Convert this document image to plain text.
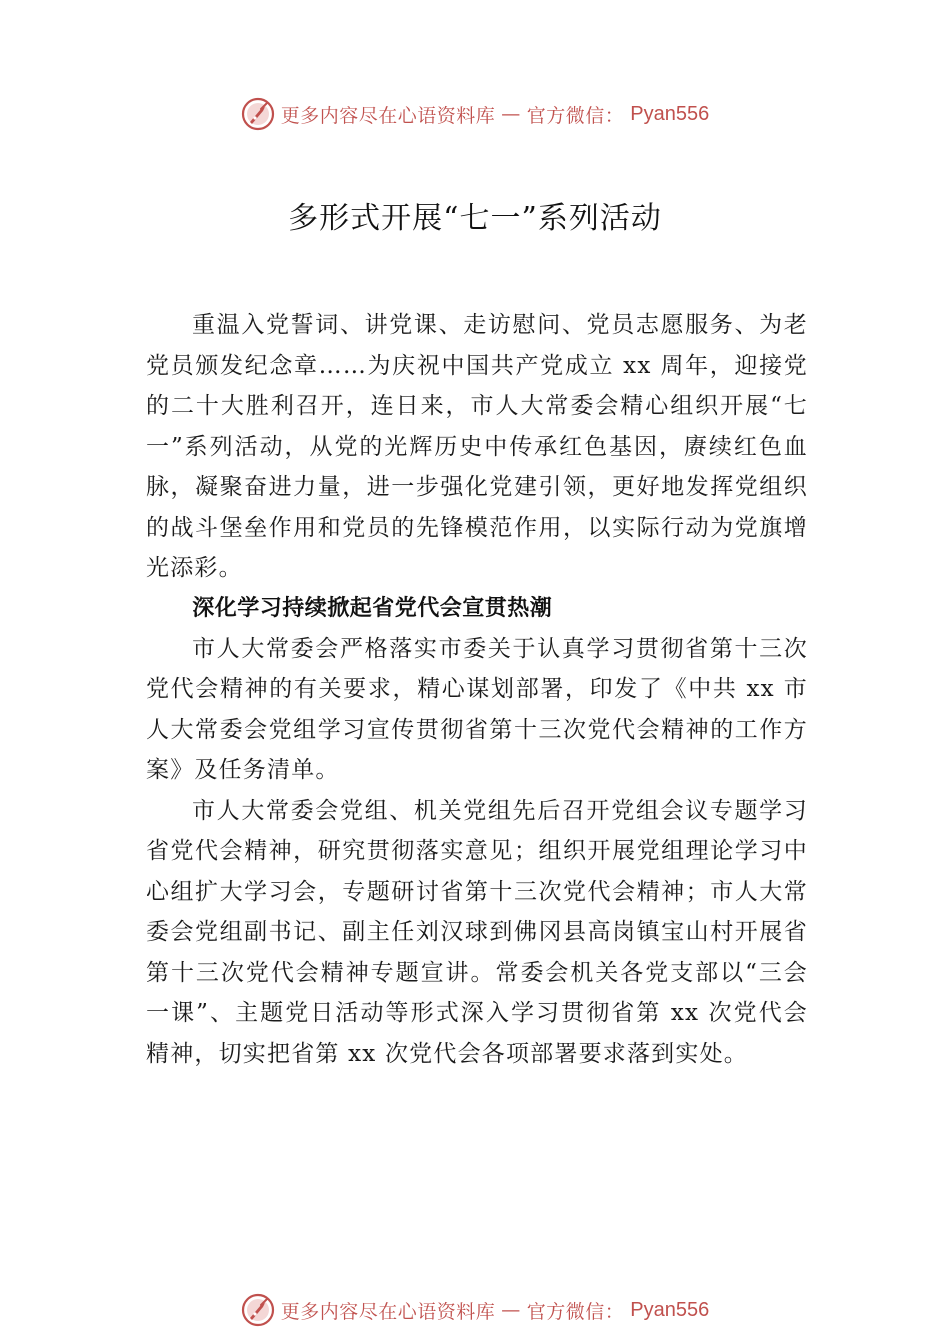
更多内容尽在心语资料库 — 官方微信： Pyan556
多形式开展“七一”系列活动

重温入党誓词、讲党课、走访慰问、党员志愿服务、为老党员颁发纪念章……为庆祝中国共产党成立 xx 周年，迎接党的二十大胜利召开，连日来，市人大常委会精心组织开展“七一”系列活动，从党的光辉历史中传承红色基因，赓续红色血脉，凝聚奋进力量，进一步强化党建引领，更好地发挥党组织的战斗堡垒作用和党员的先锋模范作用，以实际行动为党旗增光添彩。

深化学习持续掀起省党代会宣贯热潮

市人大常委会严格落实市委关于认真学习贯彻省第十三次党代会精神的有关要求，精心谋划部署，印发了《中共 xx 市人大常委会党组学习宣传贯彻省第十三次党代会精神的工作方案》及任务清单。

市人大常委会党组、机关党组先后召开党组会议专题学习省党代会精神，研究贯彻落实意见；组织开展党组理论学习中心组扩大学习会，专题研讨省第十三次党代会精神；市人大常委会党组副书记、副主任刘汉球到佛冈县高岗镇宝山村开展省第十三次党代会精神专题宣讲。常委会机关各党支部以“三会一课”、主题党日活动等形式深入学习贯彻省第 xx 次党代会精神，切实把省第 xx 次党代会各项部署要求落到实处。

更多内容尽在心语资料库 — 官方微信： Pyan556
